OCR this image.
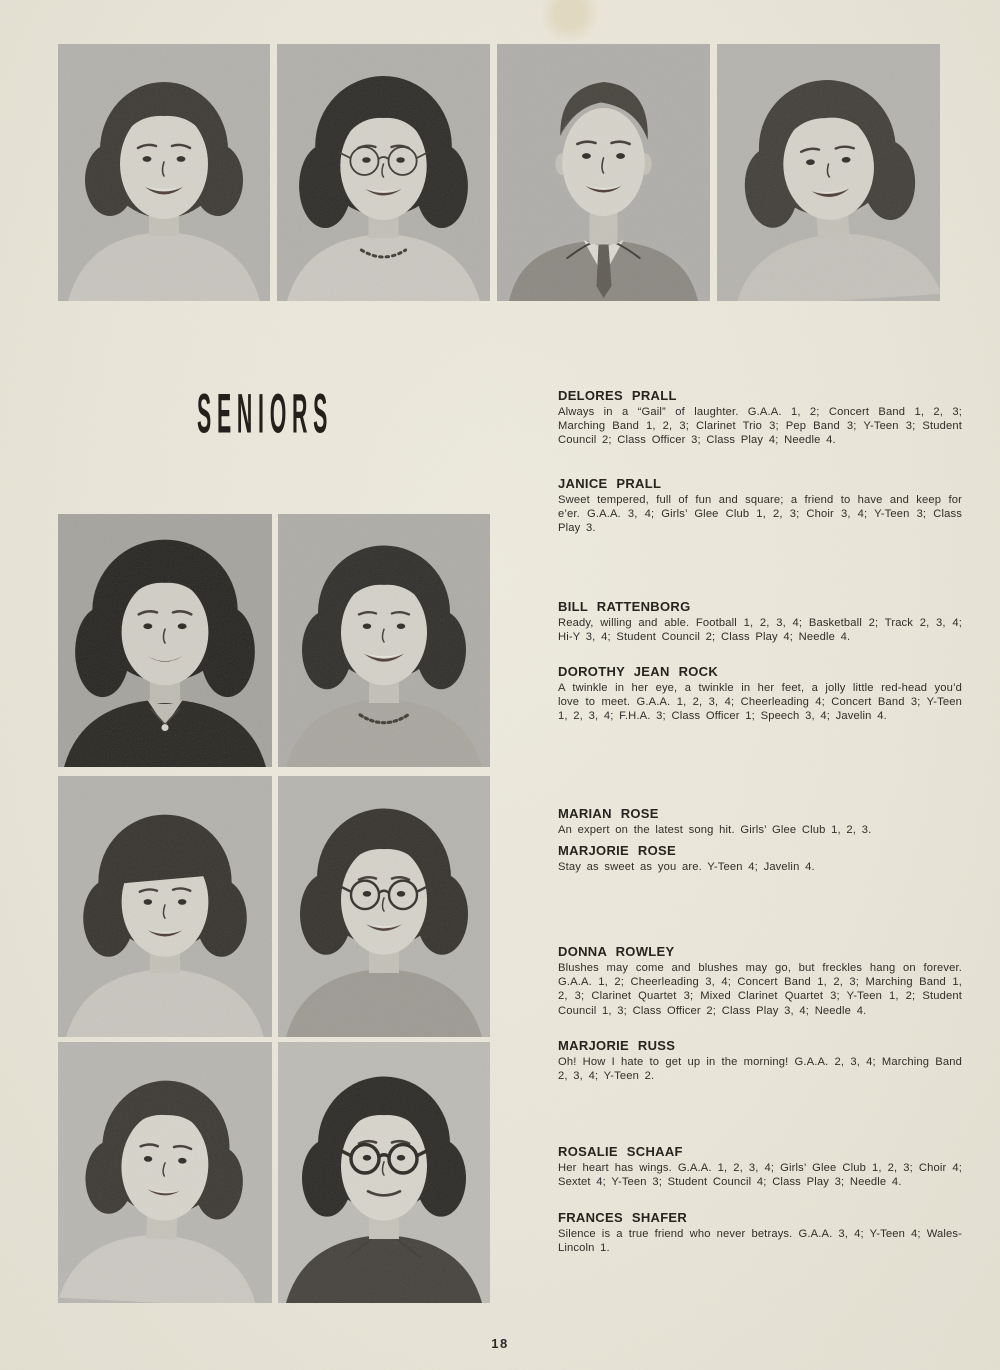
SENIORS	DELORES PRALL

Always in a “Gail” of laughter. G.A.A. 1, 2; Concert Band 1, 2, 3; Marching Band 1, 2, 3; Clarinet Trio 3; Pep Band 3; Y-Teen 3; Student Council 2; Class Officer 3; Class Play 4; Needle 4.

JANICE PRALL

Sweet tempered, full of fun and square; a friend to have and keep for e’er. G.A.A. 3, 4; Girls’ Glee Club 1, 2, 3; Choir 3, 4; Y-Teen 3; Class Play 3.

BILL RATTENBORG

Ready, willing and able. Football 1, 2, 3, 4; Basketball 2; Track 2, 3, 4; Hi-Y 3, 4; Student Council 2; Class Play 4; Needle 4.

DOROTHY JEAN ROCK

A twinkle in her eye, a twinkle in her feet, a jolly little red-head you’d love to meet. G.A.A. 1, 2, 3, 4; Cheerleading 4; Concert Band 3; Y-Teen 1, 2, 3, 4; F.H.A. 3; Class Officer 1; Speech 3, 4; Javelin 4.

MARIAN ROSE

An expert on the latest song hit. Girls’ Glee Club 1, 2, 3.

MARJORIE ROSE

Stay as sweet as you are. Y-Teen 4; Javelin 4.

DONNA ROWLEY

Blushes may come and blushes may go, but freckles hang on forever. G.A.A. 1, 2; Cheerleading 3, 4; Concert Band 1, 2, 3; Marching Band 1, 2, 3; Clarinet Quartet 3; Mixed Clarinet Quartet 3; Y-Teen 1, 2; Student Council 1, 3; Class Officer 2; Class Play 3, 4; Needle 4.

MARJORIE RUSS

Oh! How I hate to get up in the morning! G.A.A. 2, 3, 4; Marching Band 2, 3, 4; Y-Teen 2.

ROSALIE SCHAAF

Her heart has wings. G.A.A. 1, 2, 3, 4; Girls’ Glee Club 1, 2, 3; Choir 4; Sextet 4; Y-Teen 3; Student Council 4; Class Play 3; Needle 4.

FRANCES SHAFER

Silence is a true friend who never betrays. G.A.A. 3, 4; Y-Teen 4; Wales-Lincoln 1.

18
